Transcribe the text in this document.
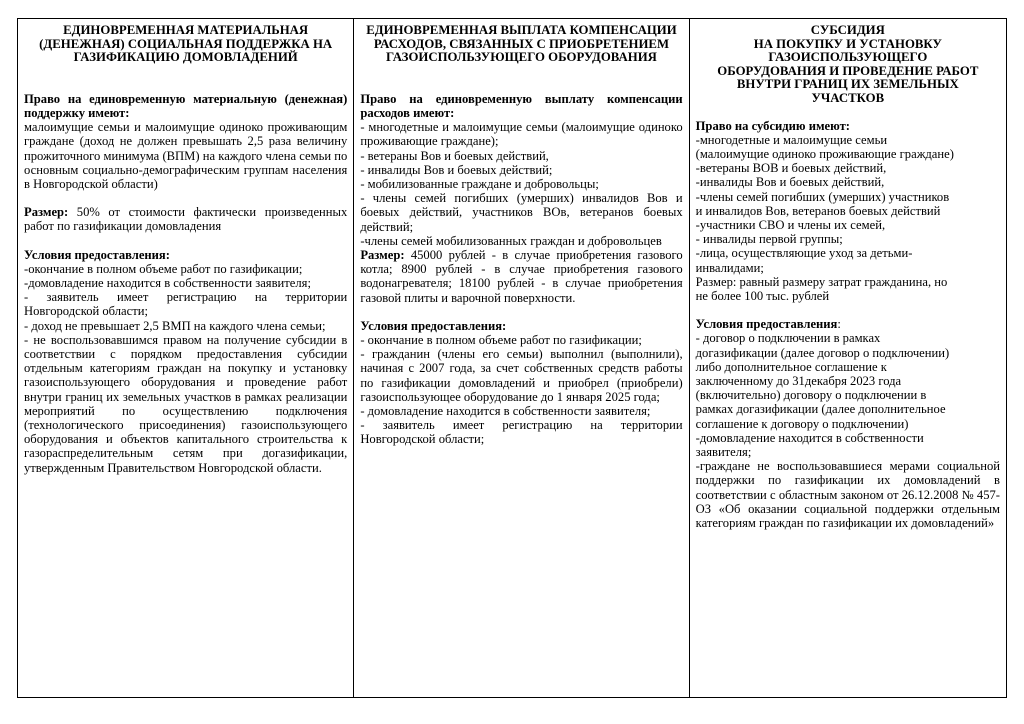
ЕДИНОВРЕМЕННАЯ МАТЕРИАЛЬНАЯ (ДЕНЕЖНАЯ) СОЦИАЛЬНАЯ ПОДДЕРЖКА НА ГАЗИФИКАЦИЮ ДОМОВЛАДЕНИЙ

Право на единовременную материальную (денежная) поддержку имеют:

малоимущие семьи и малоимущие одиноко проживающим граждане (доход не должен превышать 2,5 раза величину прожиточного минимума (ВПМ) на каждого члена семьи по основным социально-демографическим группам населения в Новгородской области)

Размер: 50% от стоимости фактически произведенных работ по газификации домовладения

Условия предоставления:

-окончание в полном объеме работ по газификации;

-домовладение находится в собственности заявителя;

- заявитель имеет регистрацию на территории Новгородской области;

- доход не превышает 2,5 ВМП на каждого члена семьи;

- не воспользовавшимся правом на получение субсидии в соответствии с порядком предоставления субсидии отдельным категориям граждан на покупку и установку газоиспользующего оборудования и проведение работ внутри границ их земельных участков в рамках реализации мероприятий по осуществлению подключения (технологического присоединения) газоиспользующего оборудования и объектов капитального строительства к газораспределительным сетям при догазификации, утвержденным Правительством Новгородской области.

ЕДИНОВРЕМЕННАЯ ВЫПЛАТА КОМПЕНСАЦИИ РАСХОДОВ, СВЯЗАННЫХ С ПРИОБРЕТЕНИЕМ ГАЗОИСПОЛЬЗУЮЩЕГО ОБОРУДОВАНИЯ

Право на единовременную выплату компенсации расходов имеют:

- многодетные и малоимущие семьи (малоимущие одиноко проживающие граждане);

- ветераны Вов и боевых действий,

- инвалиды Вов и боевых действий;

- мобилизованные граждане и добровольцы;

- члены семей погибших (умерших) инвалидов Вов и боевых действий, участников ВОв, ветеранов боевых действий;

-члены семей мобилизованных граждан и добровольцев

Размер: 45000 рублей - в случае приобретения газового котла; 8900 рублей - в случае приобретения газового водонагревателя; 18100 рублей - в случае приобретения газовой плиты и варочной поверхности.

Условия предоставления:

- окончание в полном объеме работ по газификации;

- гражданин (члены его семьи) выполнил (выполнили), начиная с 2007 года, за счет собственных средств работы по газификации домовладений и приобрел (приобрели) газоиспользующее оборудование до 1 января 2025 года;

- домовладение находится в собственности заявителя;

- заявитель имеет регистрацию на территории Новгородской области;

СУБСИДИЯ
НА ПОКУПКУ И УСТАНОВКУ
ГАЗОИСПОЛЬЗУЮЩЕГО
ОБОРУДОВАНИЯ И ПРОВЕДЕНИЕ РАБОТ
ВНУТРИ ГРАНИЦ ИХ ЗЕМЕЛЬНЫХ
УЧАСТКОВ

Право на субсидию имеют:

-многодетные и малоимущие семьи

(малоимущие одиноко проживающие граждане)

-ветераны ВОВ и боевых действий,

-инвалиды Вов и боевых действий,

-члены семей погибших (умерших) участников

и инвалидов Вов, ветеранов боевых действий

-участники СВО и члены их семей,

- инвалиды первой группы;

-лица, осуществляющие уход за детьми-

инвалидами;

Размер: равный размеру затрат гражданина, но

не более 100 тыс. рублей

Условия предоставления:

- договор о подключении в рамках

догазификации (далее договор о подключении)

либо дополнительное соглашение к

заключенному до 31декабря 2023 года

(включительно) договору о подключении в

рамках догазификации (далее дополнительное

соглашение к договору о подключении)

-домовладение находится в собственности

заявителя;

-граждане не воспользовавшиеся мерами социальной поддержки по газификации их домовладений в соответствии с областным законом от 26.12.2008 № 457-ОЗ «Об оказании социальной поддержки отдельным категориям граждан по газификации их домовладений»
